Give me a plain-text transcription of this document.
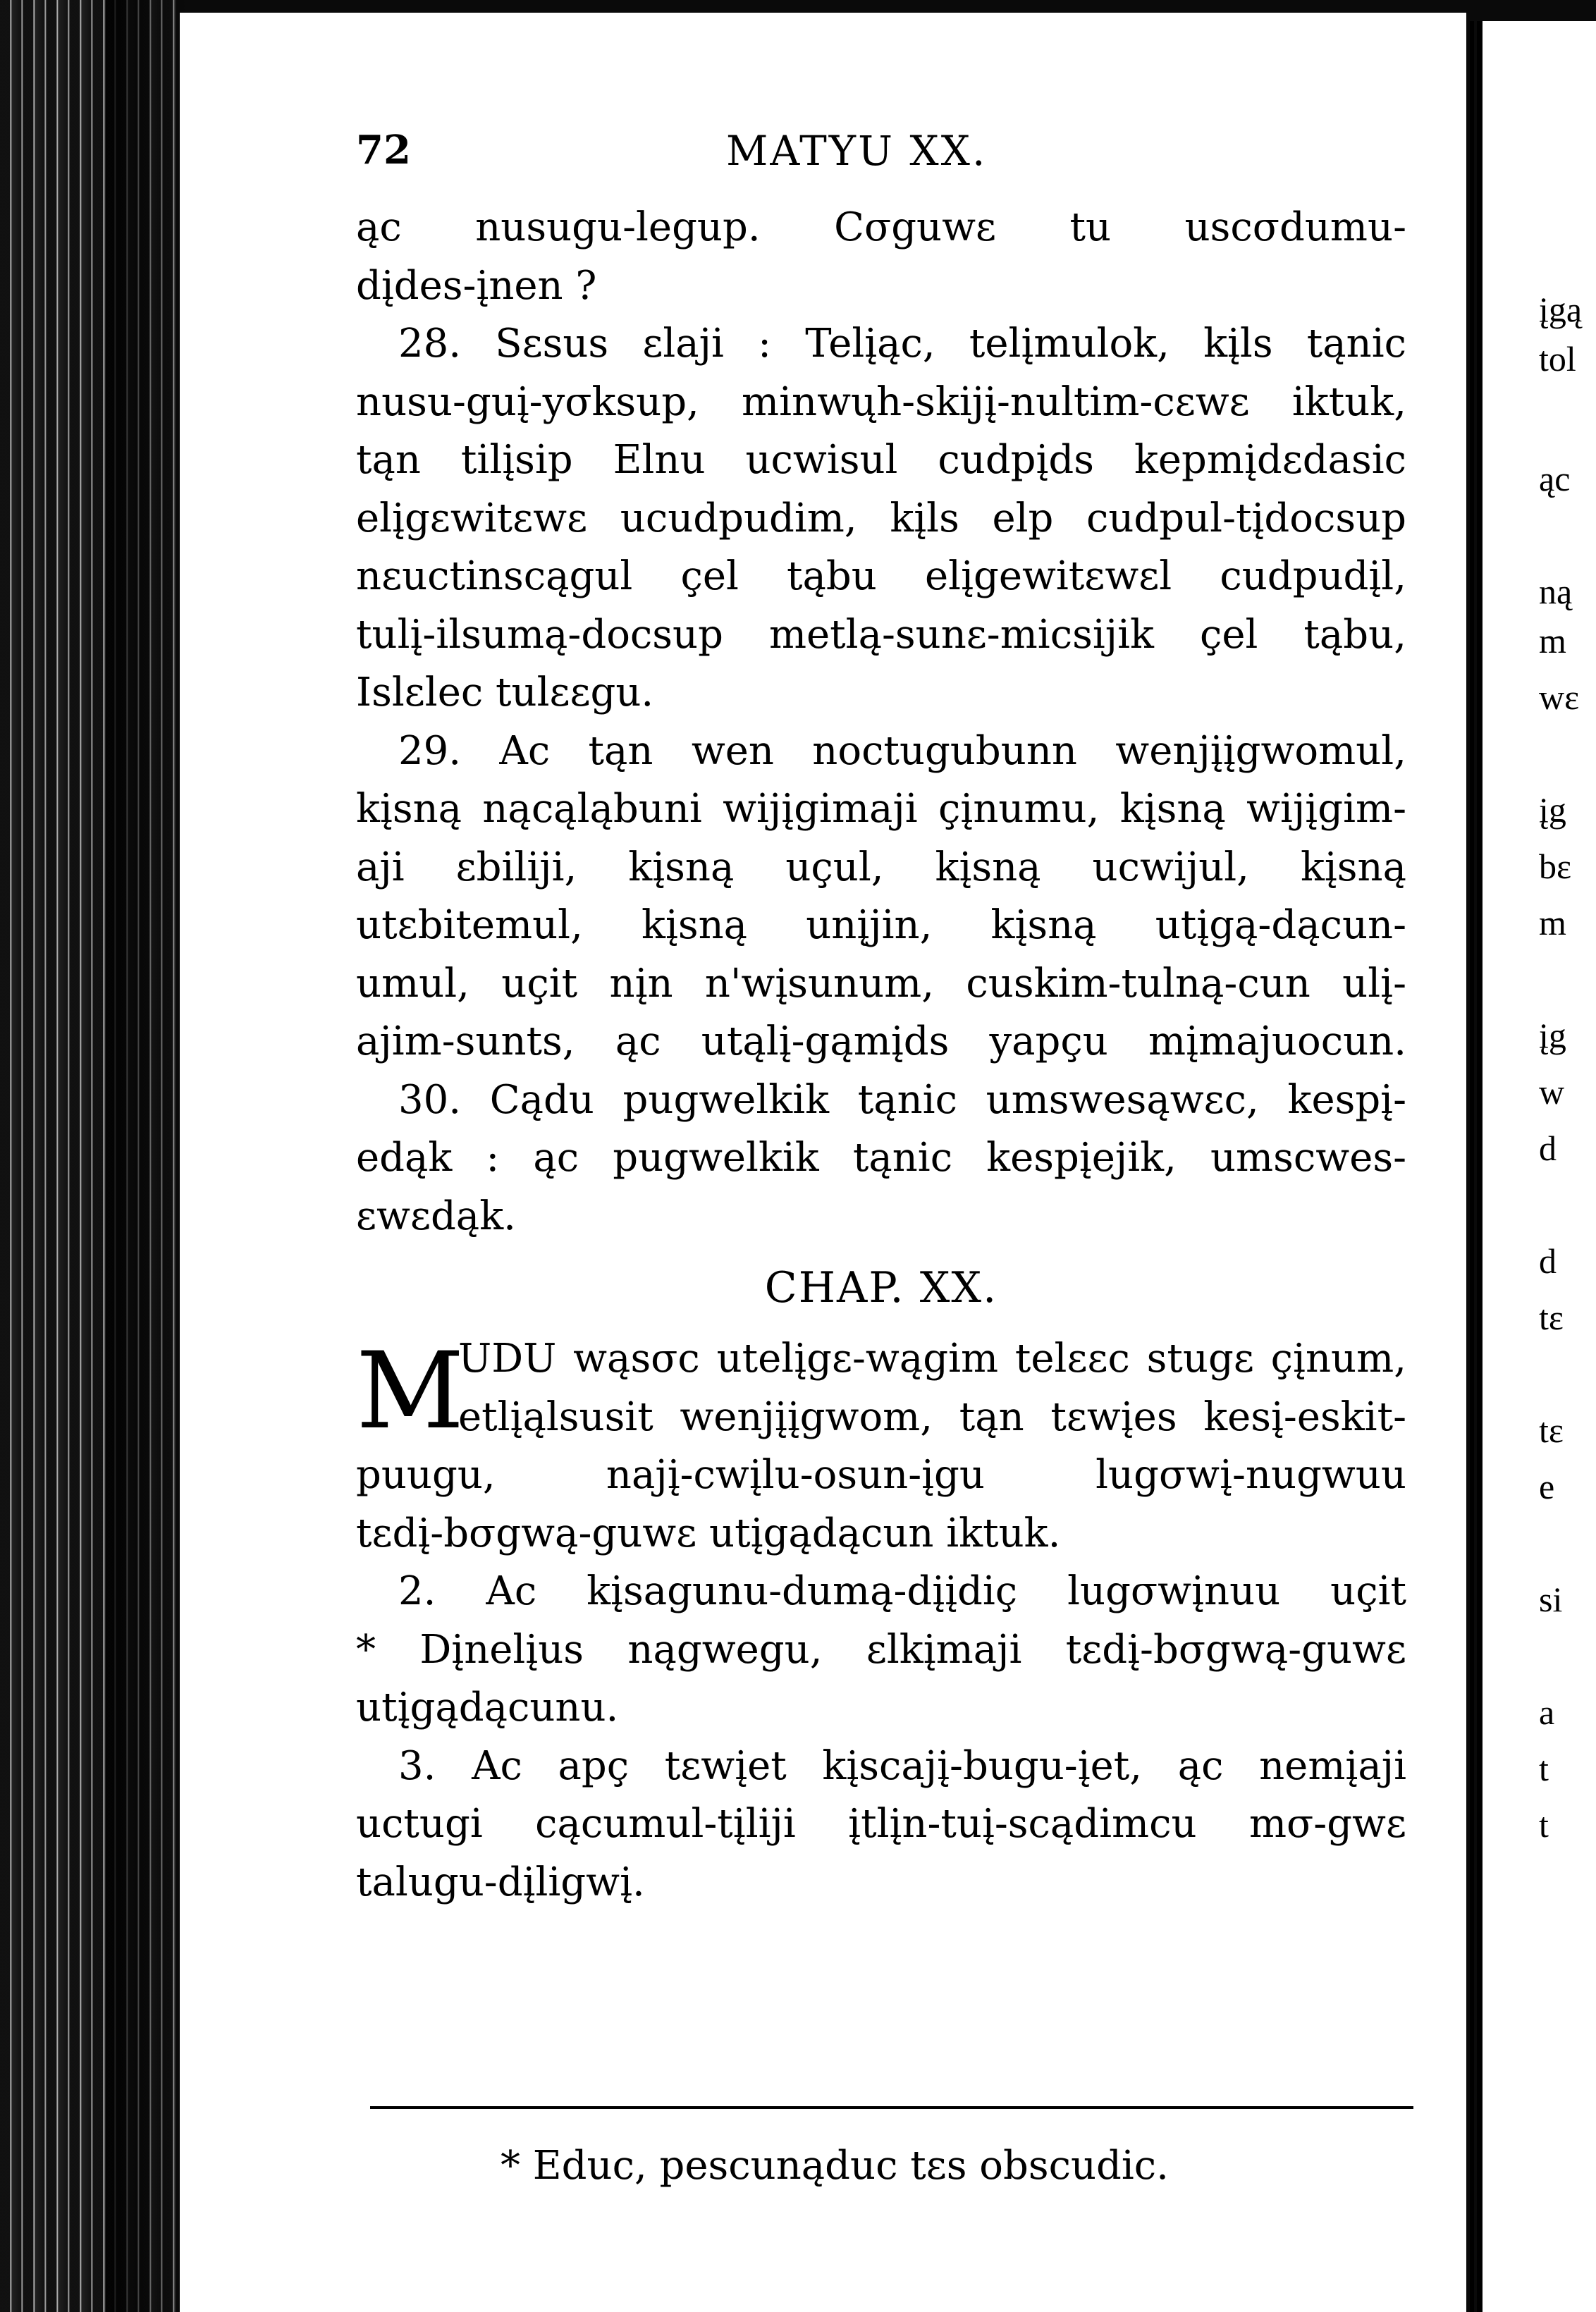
įgą
tol
ąc
ną
m
wε
įg
bε
m
įg
w
d
d
tε
tε
e
si
a
t
t
72	MATYU XX.
ąc nusugu-legup. Cσguwε tu uscσdumu-
dįdes-įnen ?
28. Sεsus εlaji : Telįąc, telįmulok, kįls tąnic
nusu-guį-yσksup, minwųh-skijį-nultim-cεwε iktuk,
tąn tilįsip Elnu ucwisul cudpįds kepmįdεdasic
elįgεwitεwε ucudpudim, kįls elp cudpul-tįdocsup
nεuctinscągul çel tąbu elįgewitεwεl cudpudįl,
tulį-ilsumą-docsup metlą-sunε-micsijik çel tąbu,
Islεlec tulεεgu.
29. Ac tąn wen noctugubunn wenjįįgwomul,
kįsną nącąląbuni wijįgimaji çįnumu, kįsną wijįgim-
aji εbiliji, kįsną uçul, kįsną ucwijul, kįsną
utεbitemul, kįsną unįjin, kįsną utįgą-dącun-
umul, uçit nįn n'wįsunum, cuskim-tulną-cun ulį-
ajim-sunts, ąc utąlį-gąmįds yapçu mįmajuocun.
30. Cądu pugwelkik tąnic umswesąwεc, kespį-
edąk : ąc pugwelkik tąnic kespįejik, umscwes-
εwεdąk.
CHAP. XX.
M
UDU wąsσc utelįgε-wągim telεεc stugε çįnum,
etlįąlsusit wenjįįgwom, tąn tεwįes kesį-eskit-
puugu, najį-cwįlu-osun-įgu lugσwį-nugwuu
tεdį-bσgwą-guwε utįgądącun iktuk.
2. Ac kįsagunu-dumą-dįįdiç lugσwįnuu uçit
* Dįnelįus nągwegu, εlkįmaji tεdį-bσgwą-guwε
utįgądącunu.
3. Ac apç tεwįet kįscajį-bugu-įet, ąc nemįaji
uctugi cącumul-tįliji įtlįn-tuį-scądimcu mσ-gwε
talugu-dįligwį.
* Educ, pescunąduc tεs obscudic.
